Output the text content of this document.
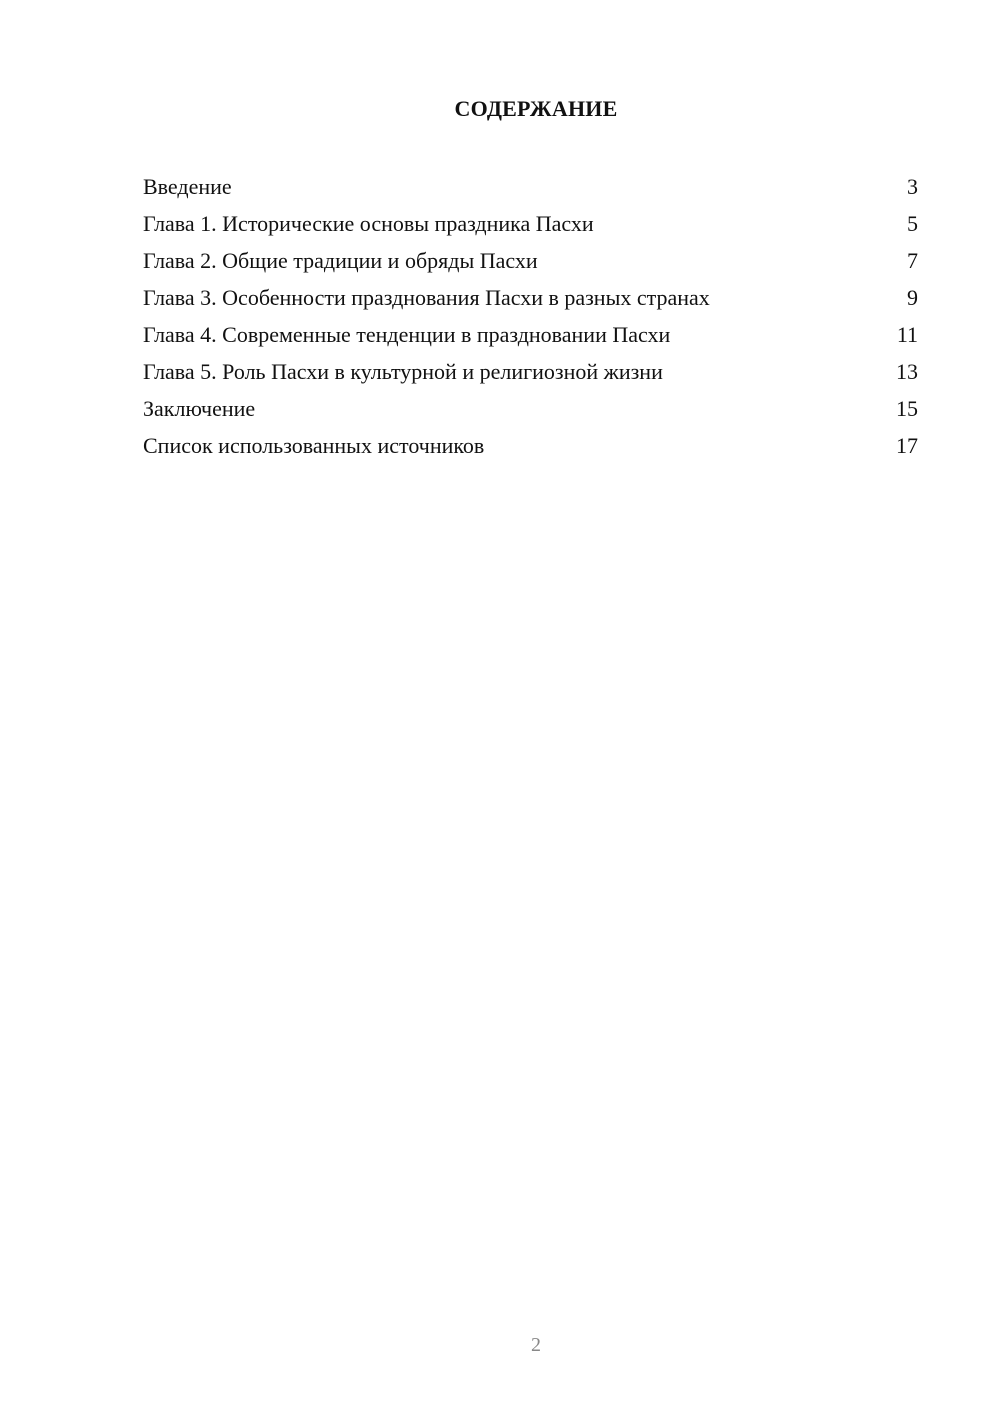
СОДЕРЖАНИЕ
Введение	3
Глава 1. Исторические основы праздника Пасхи	5
Глава 2. Общие традиции и обряды Пасхи	7
Глава 3. Особенности празднования Пасхи в разных странах	9
Глава 4. Современные тенденции в праздновании Пасхи	11
Глава 5. Роль Пасхи в культурной и религиозной жизни	13
Заключение	15
Список использованных источников	17
2
